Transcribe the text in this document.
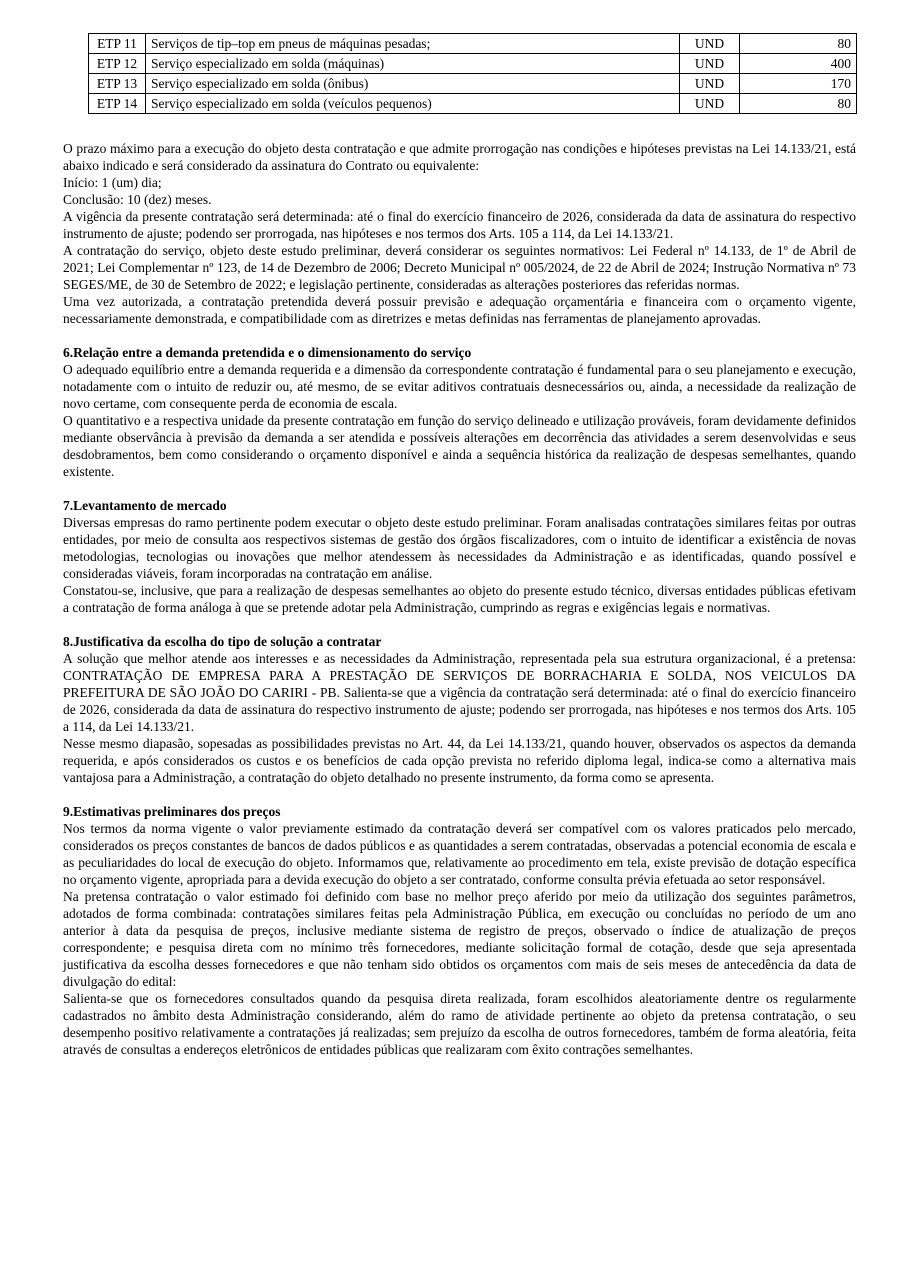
ETP 11	Serviços de tip–top em pneus de máquinas pesadas;	UND	80
ETP 12	Serviço especializado em solda (máquinas)	UND	400
ETP 13	Serviço especializado em solda (ônibus)	UND	170
ETP 14	Serviço especializado em solda (veículos pequenos)	UND	80

O prazo máximo para a execução do objeto desta contratação e que admite prorrogação nas condições e hipóteses previstas na Lei 14.133/21, está abaixo indicado e será considerado da assinatura do Contrato ou equivalente:

Início: 1 (um) dia;

Conclusão: 10 (dez) meses.

A vigência da presente contratação será determinada: até o final do exercício financeiro de 2026, considerada da data de assinatura do respectivo instrumento de ajuste; podendo ser prorrogada, nas hipóteses e nos termos dos Arts. 105 a 114, da Lei 14.133/21.

A contratação do serviço, objeto deste estudo preliminar, deverá considerar os seguintes normativos: Lei Federal nº 14.133, de 1º de Abril de 2021; Lei Complementar nº 123, de 14 de Dezembro de 2006; Decreto Municipal nº 005/2024, de 22 de Abril de 2024; Instrução Normativa nº 73 SEGES/ME, de 30 de Setembro de 2022; e legislação pertinente, consideradas as alterações posteriores das referidas normas.

Uma vez autorizada, a contratação pretendida deverá possuir previsão e adequação orçamentária e financeira com o orçamento vigente, necessariamente demonstrada, e compatibilidade com as diretrizes e metas definidas nas ferramentas de planejamento aprovadas.

6.Relação entre a demanda pretendida e o dimensionamento do serviço

O adequado equilíbrio entre a demanda requerida e a dimensão da correspondente contratação é fundamental para o seu planejamento e execução, notadamente com o intuito de reduzir ou, até mesmo, de se evitar aditivos contratuais desnecessários ou, ainda, a necessidade da realização de novo certame, com consequente perda de economia de escala.

O quantitativo e a respectiva unidade da presente contratação em função do serviço delineado e utilização prováveis, foram devidamente definidos mediante observância à previsão da demanda a ser atendida e possíveis alterações em decorrência das atividades a serem desenvolvidas e seus desdobramentos, bem como considerando o orçamento disponível e ainda a sequência histórica da realização de despesas semelhantes, quando existente.

7.Levantamento de mercado

Diversas empresas do ramo pertinente podem executar o objeto deste estudo preliminar. Foram analisadas contratações similares feitas por outras entidades, por meio de consulta aos respectivos sistemas de gestão dos órgãos fiscalizadores, com o intuito de identificar a existência de novas metodologias, tecnologias ou inovações que melhor atendessem às necessidades da Administração e as identificadas, quando possível e consideradas viáveis, foram incorporadas na contratação em análise.

Constatou-se, inclusive, que para a realização de despesas semelhantes ao objeto do presente estudo técnico, diversas entidades públicas efetivam a contratação de forma análoga à que se pretende adotar pela Administração, cumprindo as regras e exigências legais e normativas.

8.Justificativa da escolha do tipo de solução a contratar

A solução que melhor atende aos interesses e as necessidades da Administração, representada pela sua estrutura organizacional, é a pretensa: CONTRATAÇÃO DE EMPRESA PARA A PRESTAÇÃO DE SERVIÇOS DE BORRACHARIA E SOLDA, NOS VEICULOS DA PREFEITURA DE SÃO JOÃO DO CARIRI - PB. Salienta-se que a vigência da contratação será determinada: até o final do exercício financeiro de 2026, considerada da data de assinatura do respectivo instrumento de ajuste; podendo ser prorrogada, nas hipóteses e nos termos dos Arts. 105 a 114, da Lei 14.133/21.

Nesse mesmo diapasão, sopesadas as possibilidades previstas no Art. 44, da Lei 14.133/21, quando houver, observados os aspectos da demanda requerida, e após considerados os custos e os benefícios de cada opção prevista no referido diploma legal, indica-se como a alternativa mais vantajosa para a Administração, a contratação do objeto detalhado no presente instrumento, da forma como se apresenta.

9.Estimativas preliminares dos preços

Nos termos da norma vigente o valor previamente estimado da contratação deverá ser compatível com os valores praticados pelo mercado, considerados os preços constantes de bancos de dados públicos e as quantidades a serem contratadas, observadas a potencial economia de escala e as peculiaridades do local de execução do objeto. Informamos que, relativamente ao procedimento em tela, existe previsão de dotação específica no orçamento vigente, apropriada para a devida execução do objeto a ser contratado, conforme consulta prévia efetuada ao setor responsável.

Na pretensa contratação o valor estimado foi definido com base no melhor preço aferido por meio da utilização dos seguintes parâmetros, adotados de forma combinada: contratações similares feitas pela Administração Pública, em execução ou concluídas no período de um ano anterior à data da pesquisa de preços, inclusive mediante sistema de registro de preços, observado o índice de atualização de preços correspondente; e pesquisa direta com no mínimo três fornecedores, mediante solicitação formal de cotação, desde que seja apresentada justificativa da escolha desses fornecedores e que não tenham sido obtidos os orçamentos com mais de seis meses de antecedência da data de divulgação do edital:

Salienta-se que os fornecedores consultados quando da pesquisa direta realizada, foram escolhidos aleatoriamente dentre os regularmente cadastrados no âmbito desta Administração considerando, além do ramo de atividade pertinente ao objeto da pretensa contratação, o seu desempenho positivo relativamente a contratações já realizadas; sem prejuízo da escolha de outros fornecedores, também de forma aleatória, feita através de consultas a endereços eletrônicos de entidades públicas que realizaram com êxito contrações semelhantes.
